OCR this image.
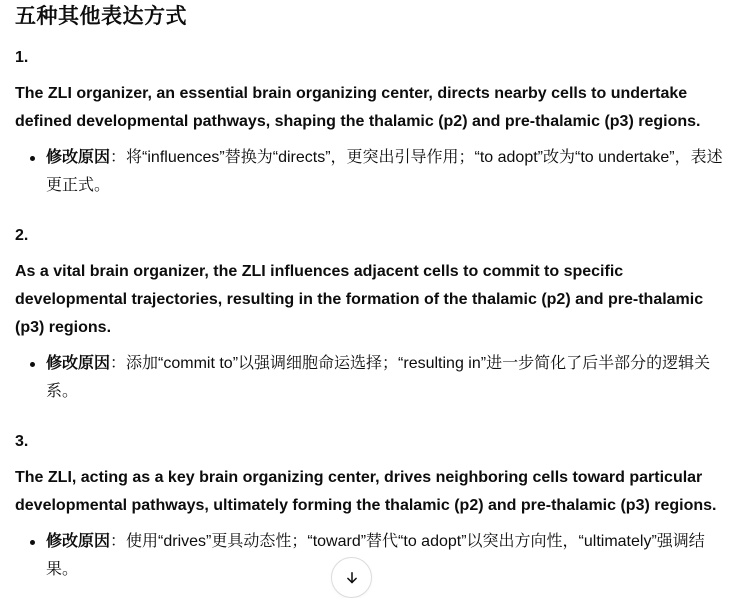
五种其他表达方式

1.

The ZLI organizer, an essential brain organizing center, directs nearby cells to undertake defined developmental pathways, shaping the thalamic (p2) and pre-thalamic (p3) regions.

修改原因：将“influences”替换为“directs”，更突出引导作用；“to adopt”改为“to undertake”，表述更正式。

2.

As a vital brain organizer, the ZLI influences adjacent cells to commit to specific developmental trajectories, resulting in the formation of the thalamic (p2) and pre-thalamic (p3) regions.

修改原因：添加“commit to”以强调细胞命运选择；“resulting in”进一步简化了后半部分的逻辑关系。

3.

The ZLI, acting as a key brain organizing center, drives neighboring cells toward particular developmental pathways, ultimately forming the thalamic (p2) and pre-thalamic (p3) regions.

修改原因：使用“drives”更具动态性；“toward”替代“to adopt”以突出方向性，“ultimately”强调结果。
